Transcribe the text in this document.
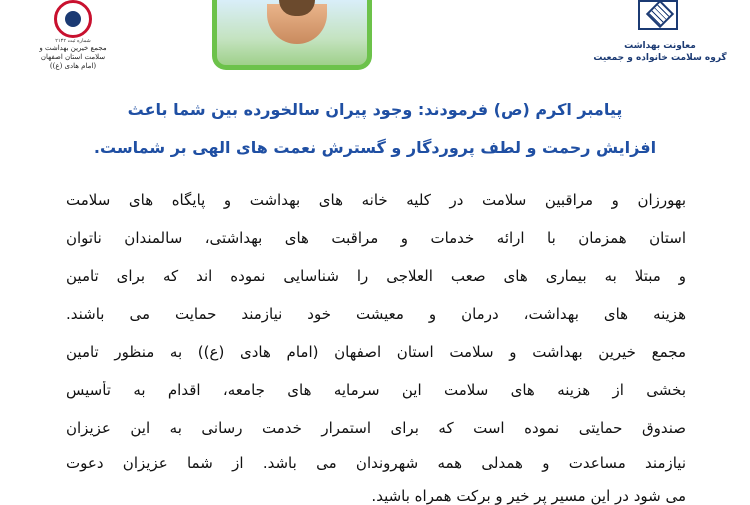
شماره ثبت ۲۱۴۲
مجمع خیرین بهداشت و سلامت استان اصفهان
(امام هادی (ع))
معاونت بهداشت
گروه سلامت خانواده و جمعیت
پیامبر اکرم (ص) فرمودند: وجود پیران سالخورده بین شما باعث
افزایش رحمت و لطف پروردگار و گسترش نعمت های الهی بر شماست.
بهورزان و مراقبین سلامت در کلیه خانه های بهداشت و پایگاه های سلامت
استان همزمان با ارائه خدمات و مراقبت های بهداشتی، سالمندان ناتوان
و مبتلا به بیماری های صعب العلاجی را شناسایی نموده اند که برای تامین
هزینه های بهداشت، درمان و معیشت خود نیازمند حمایت می باشند.
مجمع خیرین بهداشت و سلامت استان اصفهان (امام هادی (ع)) به منظور تامین
بخشی از هزینه های سلامت این سرمایه های جامعه، اقدام به تأسیس
صندوق حمایتی نموده است که برای استمرار خدمت رسانی به این عزیزان
نیازمند مساعدت و همدلی همه شهروندان می باشد. از شما عزیزان دعوت
می شود در این مسیر پر خیر و برکت همراه باشید.
